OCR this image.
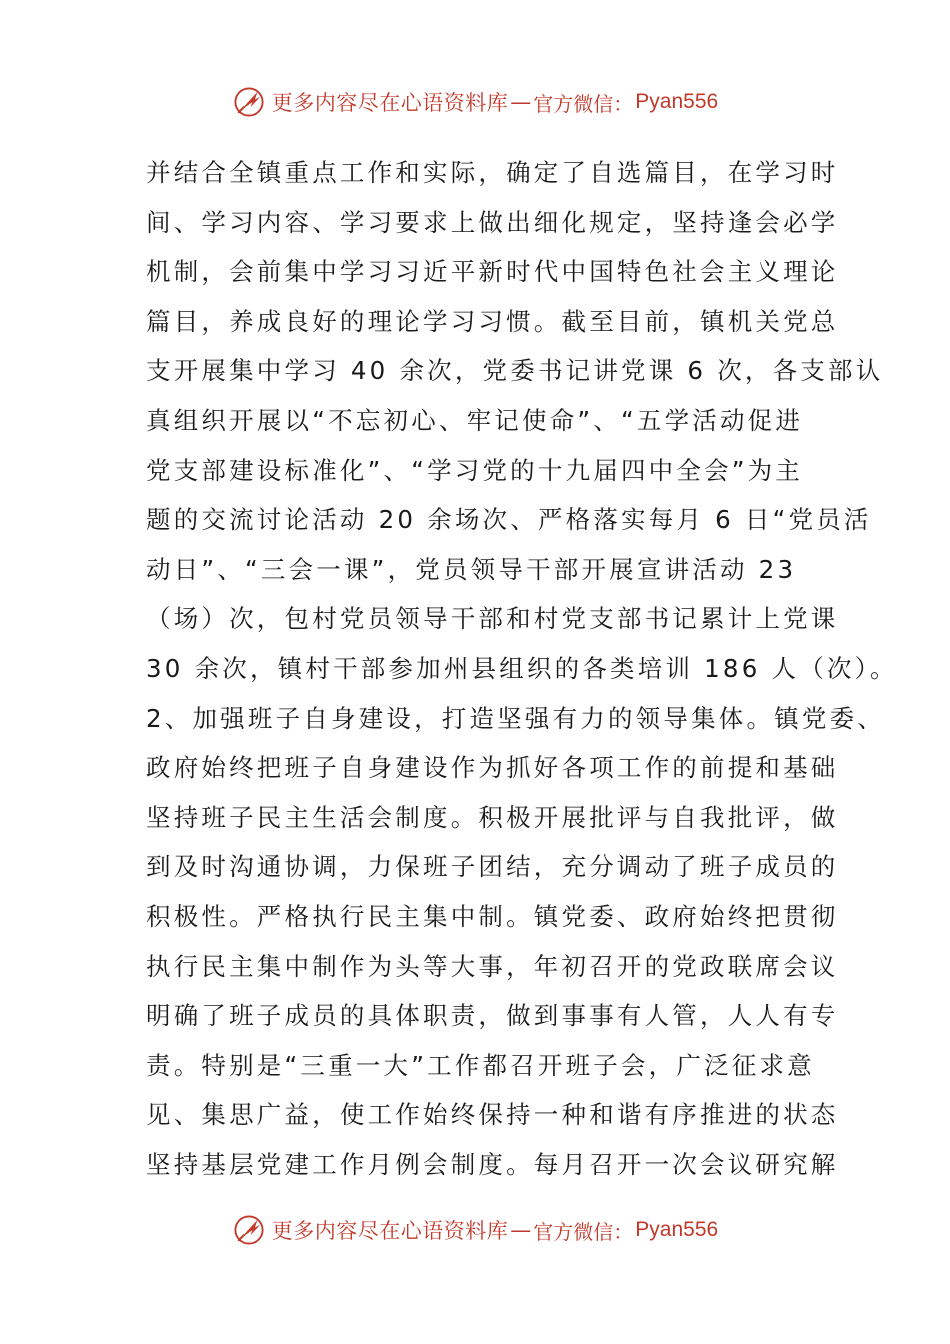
更多内容尽在心语资料库 — 官方微信： Pyan556
并结合全镇重点工作和实际，确定了自选篇目，在学习时
间、学习内容、学习要求上做出细化规定，坚持逢会必学
机制，会前集中学习习近平新时代中国特色社会主义理论
篇目，养成良好的理论学习习惯。截至目前，镇机关党总
支开展集中学习 40 余次，党委书记讲党课 6 次，各支部认
真组织开展以“不忘初心、牢记使命”、“五学活动促进
党支部建设标准化”、“学习党的十九届四中全会”为主
题的交流讨论活动 20 余场次、严格落实每月 6 日“党员活
动日”、“三会一课”，党员领导干部开展宣讲活动 23
（场）次，包村党员领导干部和村党支部书记累计上党课
30 余次，镇村干部参加州县组织的各类培训 186 人（次）。
2、加强班子自身建设，打造坚强有力的领导集体。镇党委、
政府始终把班子自身建设作为抓好各项工作的前提和基础
坚持班子民主生活会制度。积极开展批评与自我批评，做
到及时沟通协调，力保班子团结，充分调动了班子成员的
积极性。严格执行民主集中制。镇党委、政府始终把贯彻
执行民主集中制作为头等大事，年初召开的党政联席会议
明确了班子成员的具体职责，做到事事有人管，人人有专
责。特别是“三重一大”工作都召开班子会，广泛征求意
见、集思广益，使工作始终保持一种和谐有序推进的状态
坚持基层党建工作月例会制度。每月召开一次会议研究解
更多内容尽在心语资料库 — 官方微信： Pyan556
